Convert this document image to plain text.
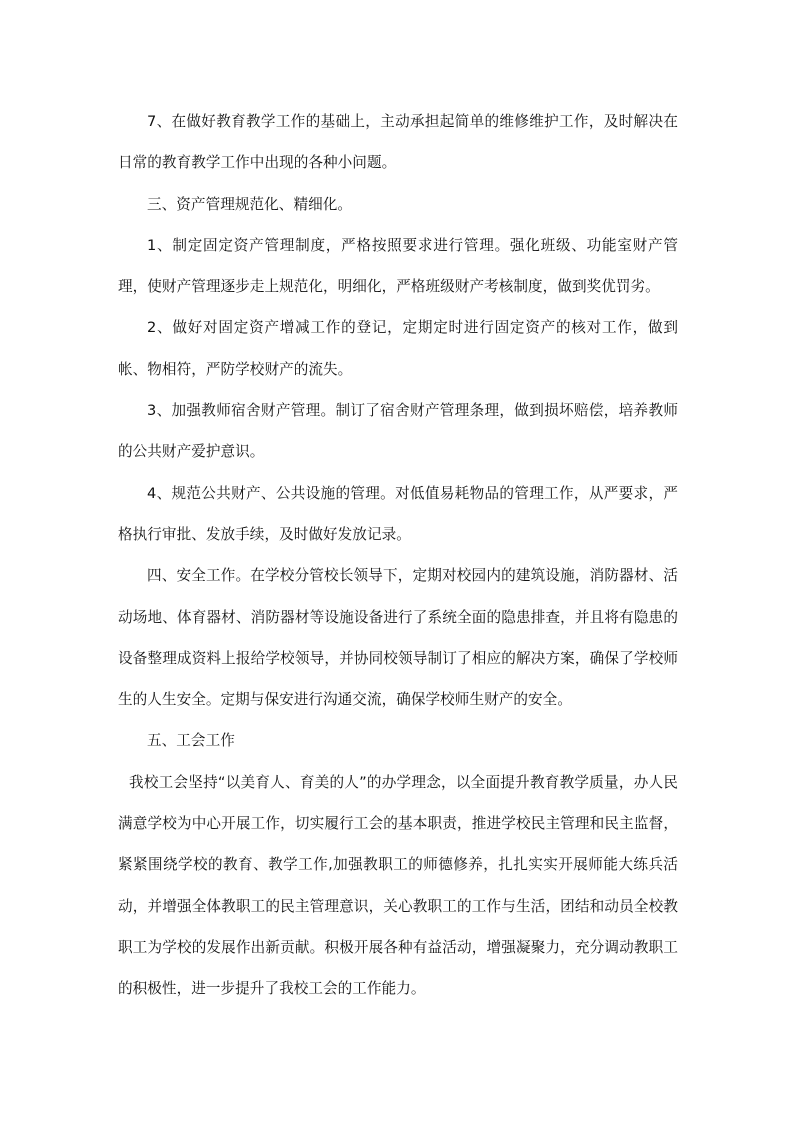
7、在做好教育教学工作的基础上，主动承担起简单的维修维护工作，及时解决在日常的教育教学工作中出现的各种小问题。

三、资产管理规范化、精细化。

1、制定固定资产管理制度，严格按照要求进行管理。强化班级、功能室财产管理，使财产管理逐步走上规范化，明细化，严格班级财产考核制度，做到奖优罚劣。

2、做好对固定资产增减工作的登记，定期定时进行固定资产的核对工作，做到帐、物相符，严防学校财产的流失。

3、加强教师宿舍财产管理。制订了宿舍财产管理条理，做到损坏赔偿，培养教师的公共财产爱护意识。

4、规范公共财产、公共设施的管理。对低值易耗物品的管理工作，从严要求，严格执行审批、发放手续，及时做好发放记录。

四、安全工作。在学校分管校长领导下，定期对校园内的建筑设施，消防器材、活动场地、体育器材、消防器材等设施设备进行了系统全面的隐患排查，并且将有隐患的设备整理成资料上报给学校领导，并协同校领导制订了相应的解决方案，确保了学校师生的人生安全。定期与保安进行沟通交流，确保学校师生财产的安全。

五、工会工作

我校工会坚持“以美育人、育美的人”的办学理念，以全面提升教育教学质量，办人民满意学校为中心开展工作，切实履行工会的基本职责，推进学校民主管理和民主监督，紧紧围绕学校的教育、教学工作,加强教职工的师德修养，扎扎实实开展师能大练兵活动，并增强全体教职工的民主管理意识，关心教职工的工作与生活，团结和动员全校教职工为学校的发展作出新贡献。积极开展各种有益活动，增强凝聚力，充分调动教职工的积极性，进一步提升了我校工会的工作能力。
